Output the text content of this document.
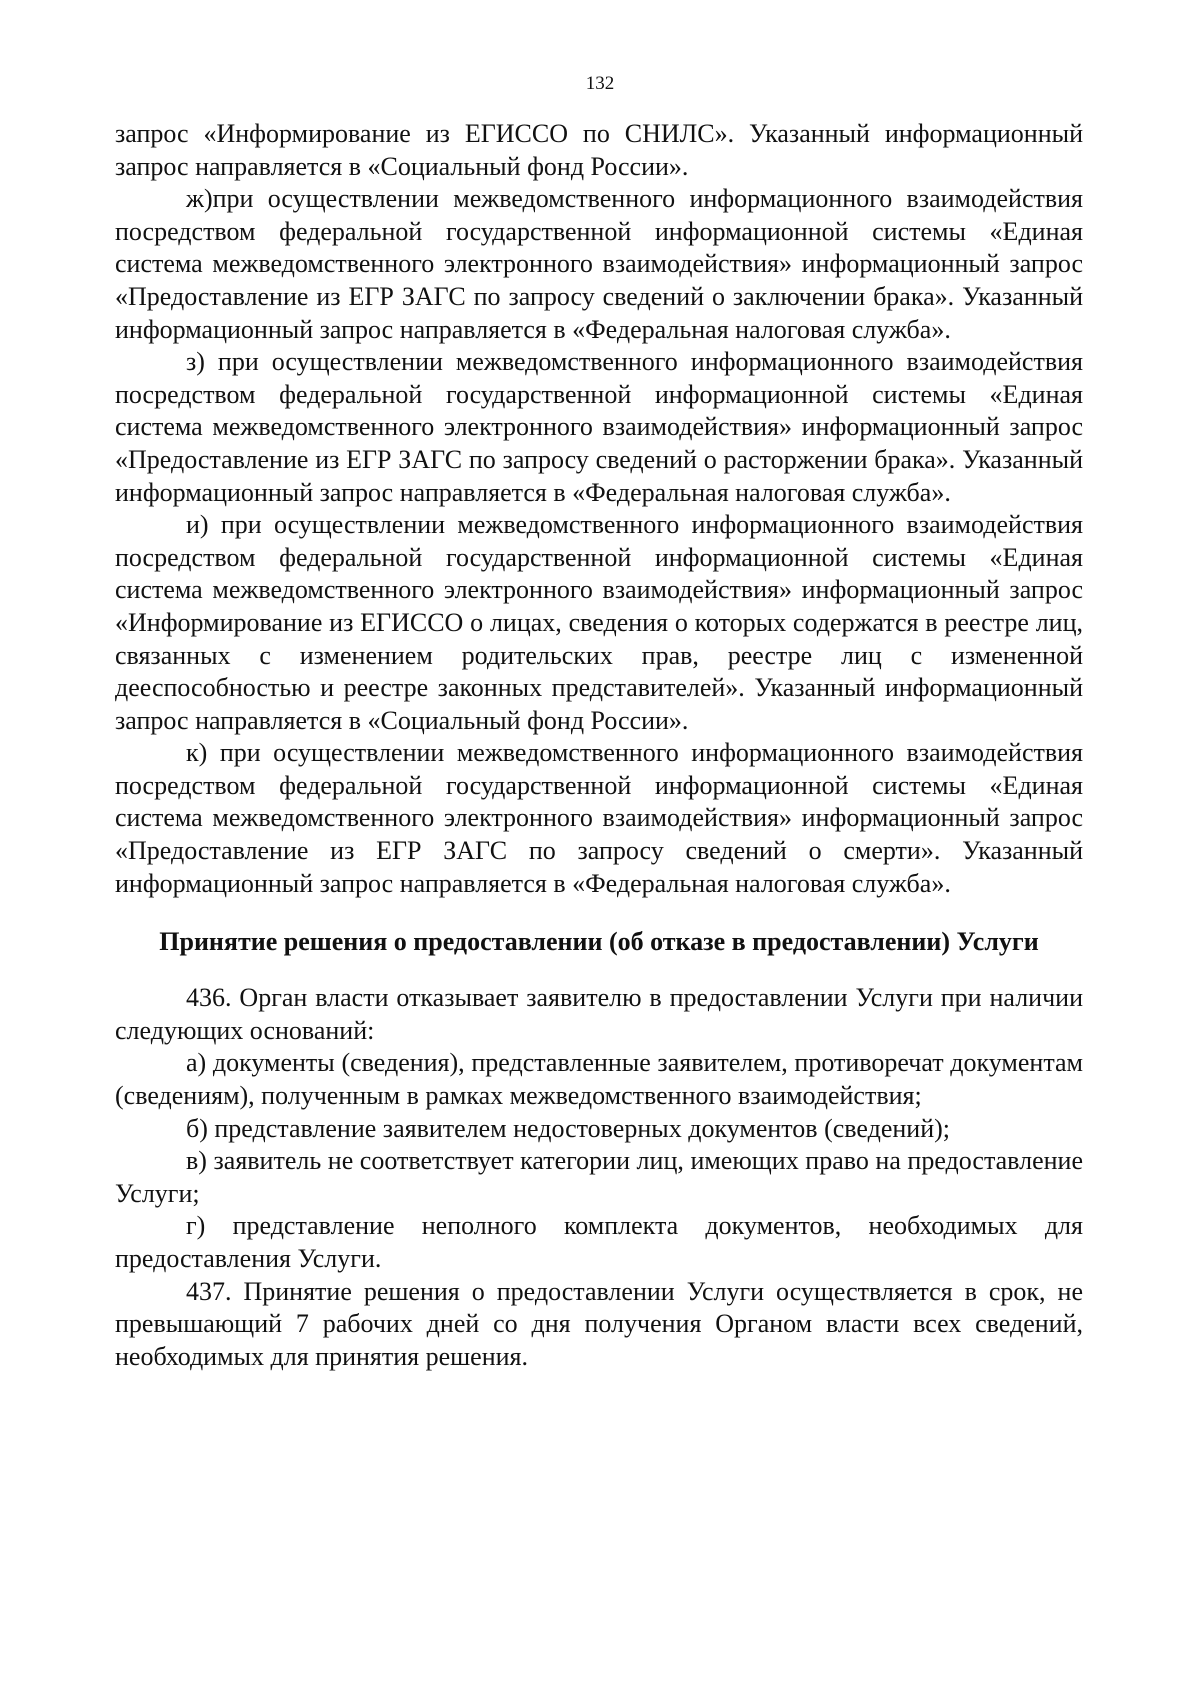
132

запрос «Информирование из ЕГИССО по СНИЛС». Указанный информационный запрос направляется в «Социальный фонд России».

ж)при осуществлении межведомственного информационного взаимодействия посредством федеральной государственной информационной системы «Единая система межведомственного электронного взаимодействия» информационный запрос «Предоставление из ЕГР ЗАГС по запросу сведений о заключении брака». Указанный информационный запрос направляется в «Федеральная налоговая служба».

з) при осуществлении межведомственного информационного взаимодействия посредством федеральной государственной информационной системы «Единая система межведомственного электронного взаимодействия» информационный запрос «Предоставление из ЕГР ЗАГС по запросу сведений о расторжении брака». Указанный информационный запрос направляется в «Федеральная налоговая служба».

и) при осуществлении межведомственного информационного взаимодействия посредством федеральной государственной информационной системы «Единая система межведомственного электронного взаимодействия» информационный запрос «Информирование из ЕГИССО о лицах, сведения о которых содержатся в реестре лиц, связанных с изменением родительских прав, реестре лиц с измененной дееспособностью и реестре законных представителей». Указанный информационный запрос направляется в «Социальный фонд России».

к) при осуществлении межведомственного информационного взаимодействия посредством федеральной государственной информационной системы «Единая система межведомственного электронного взаимодействия» информационный запрос «Предоставление из ЕГР ЗАГС по запросу сведений о смерти». Указанный информационный запрос направляется в «Федеральная налоговая служба».

Принятие решения о предоставлении (об отказе в предоставлении) Услуги

436. Орган власти отказывает заявителю в предоставлении Услуги при наличии следующих оснований:

а) документы (сведения), представленные заявителем, противоречат документам (сведениям), полученным в рамках межведомственного взаимодействия;

б) представление заявителем недостоверных документов (сведений);

в) заявитель не соответствует категории лиц, имеющих право на предоставление Услуги;

г) представление неполного комплекта документов, необходимых для предоставления Услуги.

437. Принятие решения о предоставлении Услуги осуществляется в срок, не превышающий 7 рабочих дней со дня получения Органом власти всех сведений, необходимых для принятия решения.
